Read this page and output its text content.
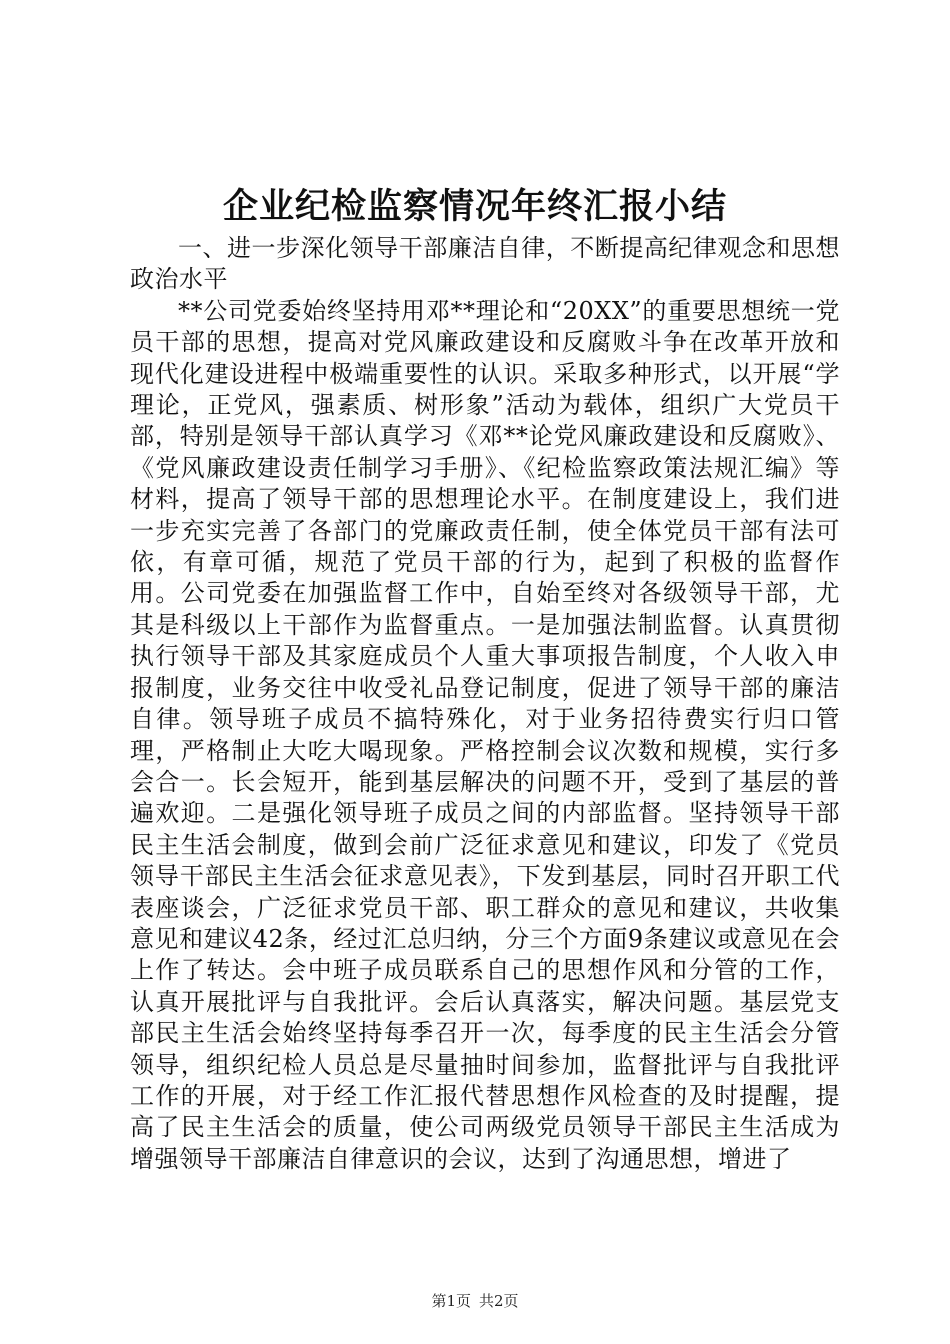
企业纪检监察情况年终汇报小结

一、进一步深化领导干部廉洁自律，不断提高纪律观念和思想政治水平

**公司党委始终坚持用邓**理论和“20XX”的重要思想统一党员干部的思想，提高对党风廉政建设和反腐败斗争在改革开放和现代化建设进程中极端重要性的认识。采取多种形式，以开展“学理论，正党风，强素质、树形象”活动为载体，组织广大党员干部，特别是领导干部认真学习《邓**论党风廉政建设和反腐败》、《党风廉政建设责任制学习手册》、《纪检监察政策法规汇编》等材料，提高了领导干部的思想理论水平。在制度建设上，我们进一步充实完善了各部门的党廉政责任制，使全体党员干部有法可依，有章可循，规范了党员干部的行为，起到了积极的监督作用。公司党委在加强监督工作中，自始至终对各级领导干部，尤其是科级以上干部作为监督重点。一是加强法制监督。认真贯彻执行领导干部及其家庭成员个人重大事项报告制度，个人收入申报制度，业务交往中收受礼品登记制度，促进了领导干部的廉洁自律。领导班子成员不搞特殊化，对于业务招待费实行归口管理，严格制止大吃大喝现象。严格控制会议次数和规模，实行多会合一。长会短开，能到基层解决的问题不开，受到了基层的普遍欢迎。二是强化领导班子成员之间的内部监督。坚持领导干部民主生活会制度，做到会前广泛征求意见和建议，印发了《党员领导干部民主生活会征求意见表》，下发到基层，同时召开职工代表座谈会，广泛征求党员干部、职工群众的意见和建议，共收集意见和建议42条，经过汇总归纳，分三个方面9条建议或意见在会上作了转达。会中班子成员联系自己的思想作风和分管的工作，认真开展批评与自我批评。会后认真落实，解决问题。基层党支部民主生活会始终坚持每季召开一次，每季度的民主生活会分管领导，组织纪检人员总是尽量抽时间参加，监督批评与自我批评工作的开展，对于经工作汇报代替思想作风检查的及时提醒，提高了民主生活会的质量，使公司两级党员领导干部民主生活成为增强领导干部廉洁自律意识的会议，达到了沟通思想，增进了

第1页 共2页
